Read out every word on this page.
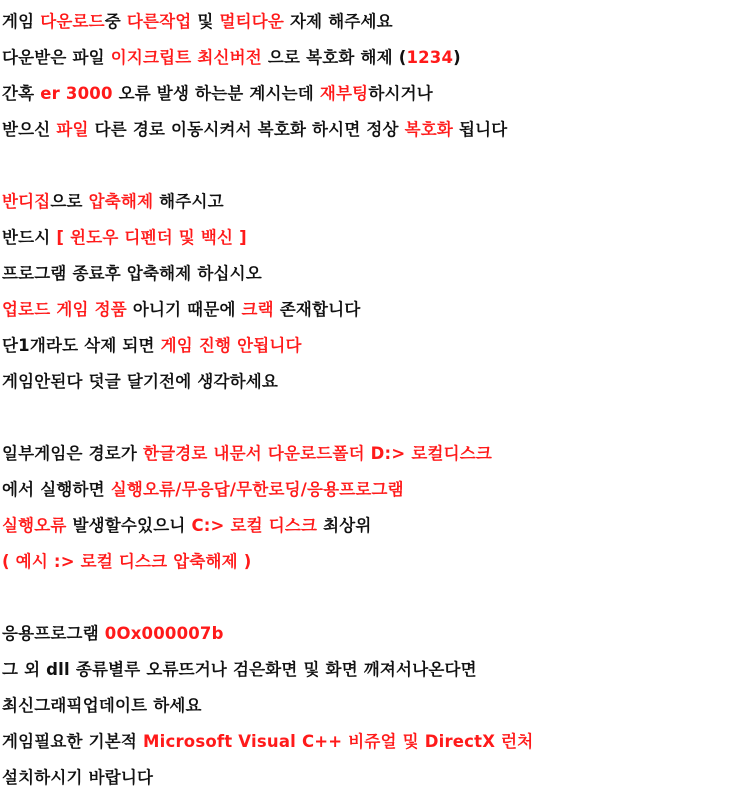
게임 다운로드중 다른작업 및 멀티다운 자제 해주세요
다운받은 파일 이지크립트 최신버전 으로 복호화 해제 (1234)
간혹 er 3000 오류 발생 하는분 계시는데 재부팅하시거나
받으신 파일 다른 경로 이동시켜서 복호화 하시면 정상 복호화 됩니다
반디집으로 압축해제 해주시고
반드시 [ 윈도우 디펜더 및 백신 ]
프로그램 종료후 압축해제 하십시오
업로드 게임 정품 아니기 때문에 크랙 존재합니다
단1개라도 삭제 되면 게임 진행 안됩니다
게임안된다 덧글 달기전에 생각하세요
일부게임은 경로가 한글경로 내문서 다운로드폴더 D:> 로컬디스크
에서 실행하면 실행오류/무응답/무한로딩/응용프로그램
실행오류 발생할수있으니 C:> 로컬 디스크 최상위
( 예시 :> 로컬 디스크 압축해제 )
응용프로그램 0Ox000007b
그 외 dll 종류별루 오류뜨거나 검은화면 및 화면 깨져서나온다면
최신그래픽업데이트 하세요
게임필요한 기본적 Microsoft Visual C++ 비쥬얼 및 DirectX 런처
설치하시기 바랍니다
